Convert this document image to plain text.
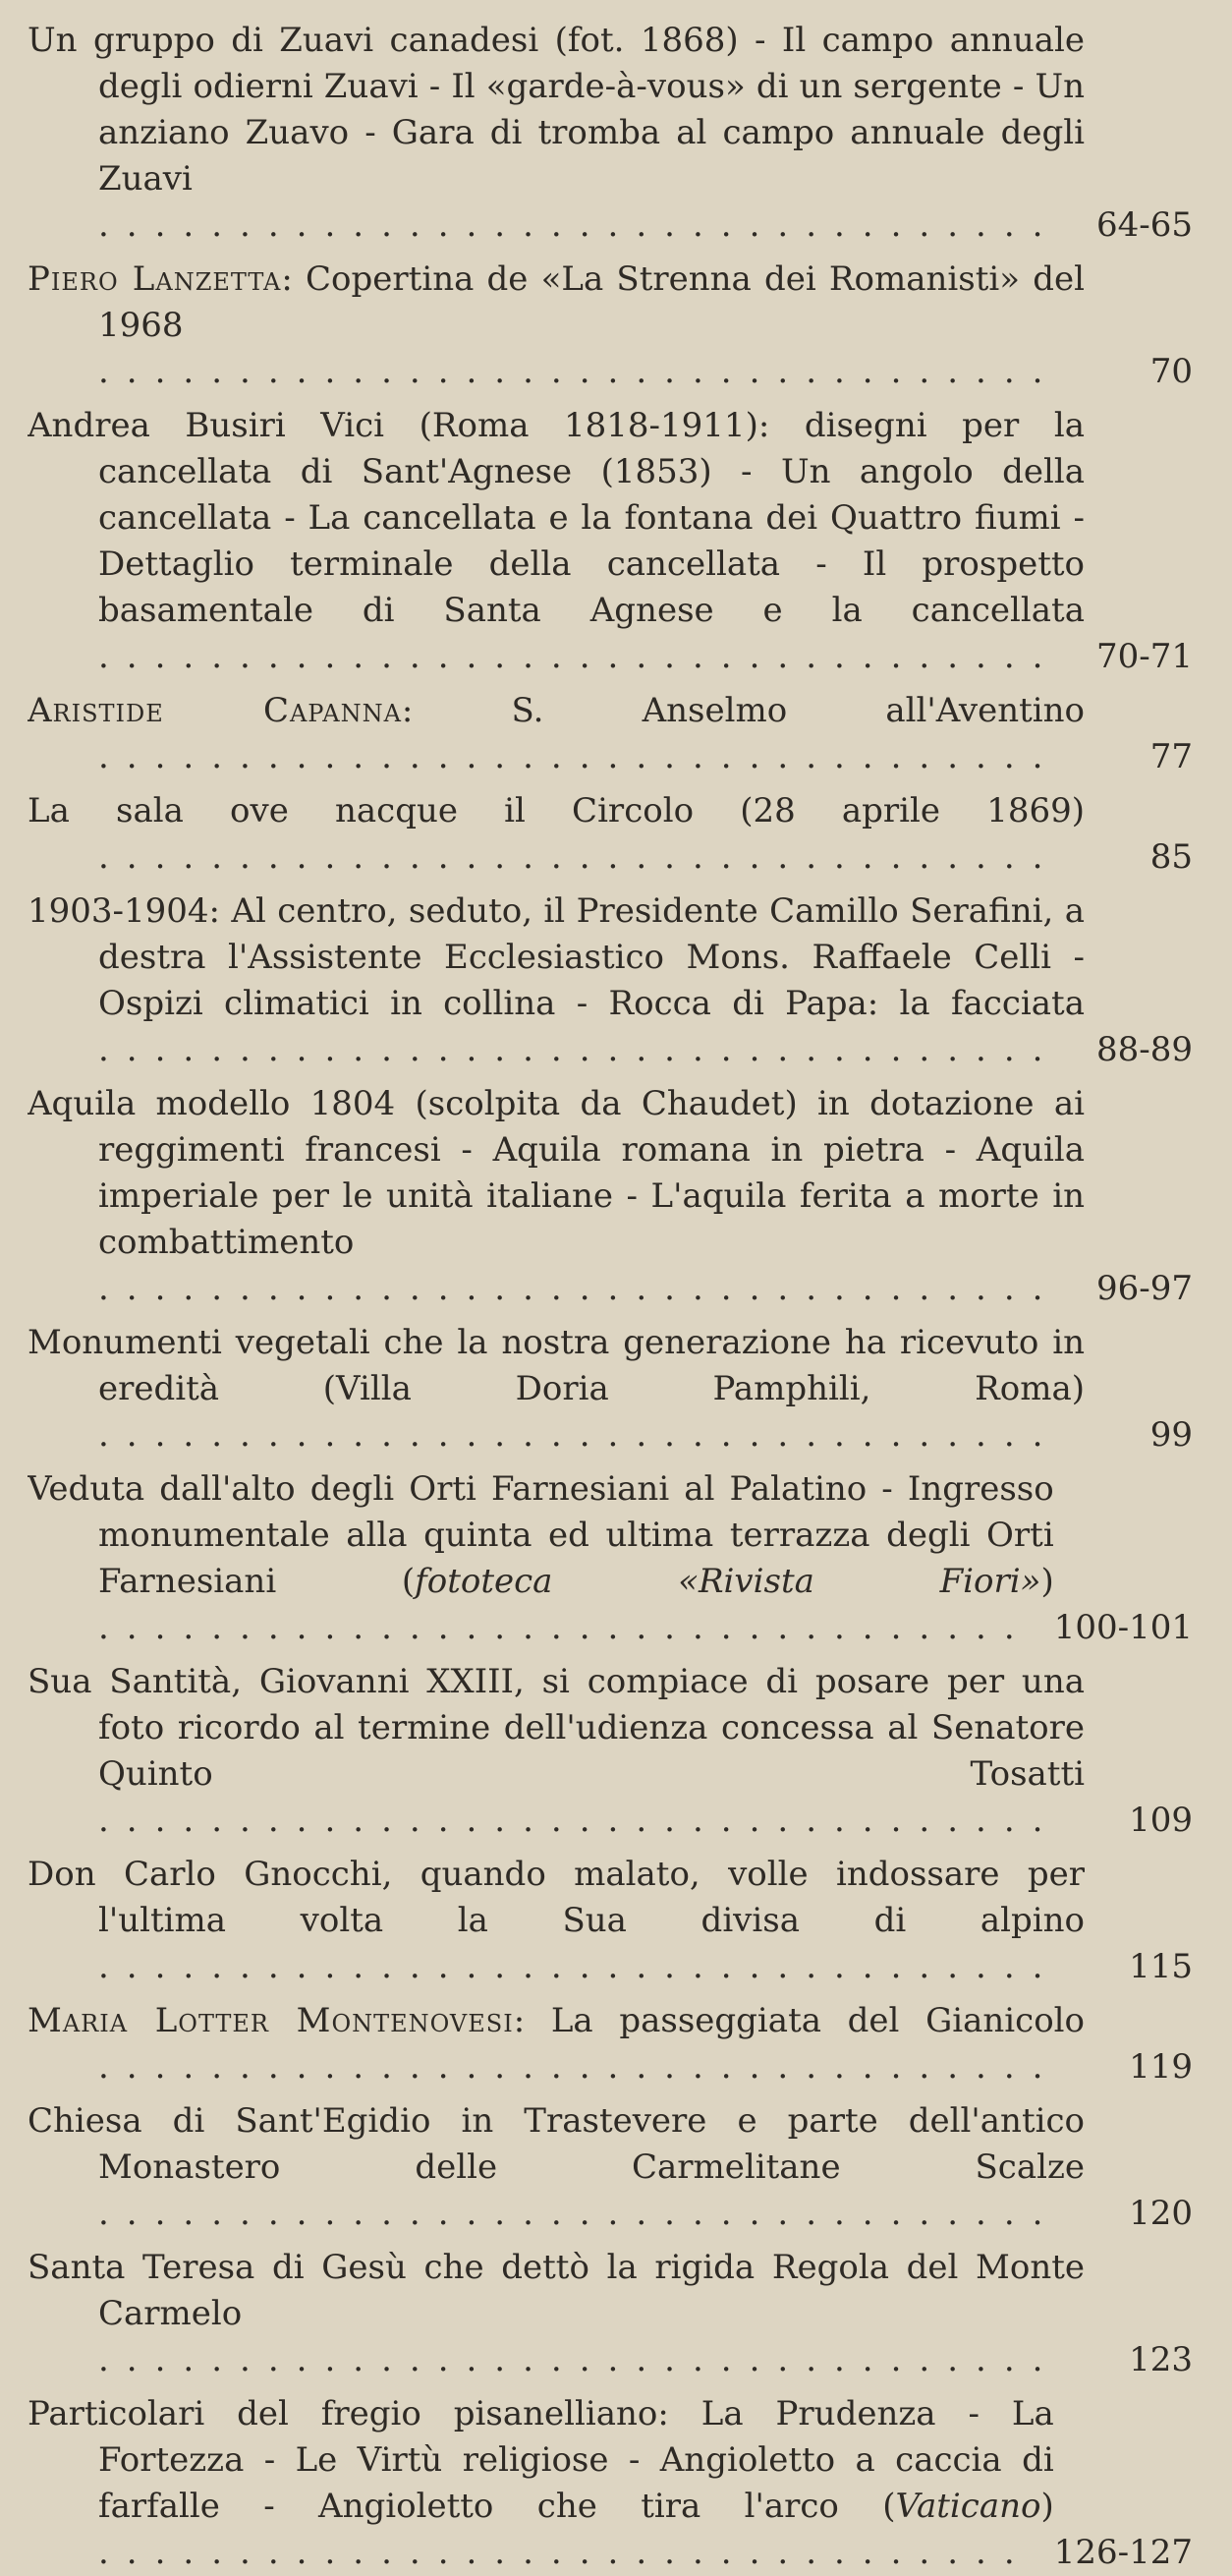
Un gruppo di Zuavi canadesi (fot. 1868) - Il campo annuale degli odierni Zuavi - Il «garde-à-vous» di un sergente - Un anziano Zuavo - Gara di tromba al campo annuale degli Zuavi ..................................	64-65
Piero Lanzetta: Copertina de «La Strenna dei Romanisti» del 1968 ..................................	70
Andrea Busiri Vici (Roma 1818-1911): disegni per la cancellata di Sant'Agnese (1853) - Un angolo della cancellata - La cancellata e la fontana dei Quattro fiumi - Dettaglio terminale della cancellata - Il prospetto basamentale di Santa Agnese e la cancellata ..................................	70-71
Aristide Capanna: S. Anselmo all'Aventino ..................................	77
La sala ove nacque il Circolo (28 aprile 1869) ..................................	85
1903-1904: Al centro, seduto, il Presidente Camillo Serafini, a destra l'Assistente Ecclesiastico Mons. Raffaele Celli - Ospizi climatici in collina - Rocca di Papa: la facciata ..................................	88-89
Aquila modello 1804 (scolpita da Chaudet) in dotazione ai reggimenti francesi - Aquila romana in pietra - Aquila imperiale per le unità italiane - L'aquila ferita a morte in combattimento ..................................	96-97
Monumenti vegetali che la nostra generazione ha ricevuto in eredità (Villa Doria Pamphili, Roma) ..................................	99
Veduta dall'alto degli Orti Farnesiani al Palatino - Ingresso monumentale alla quinta ed ultima terrazza degli Orti Farnesiani (fototeca «Rivista Fiori») ................................. 100-101
Sua Santità, Giovanni XXIII, si compiace di posare per una foto ricordo al termine dell'udienza concessa al Senatore Quinto Tosatti ..................................	109
Don Carlo Gnocchi, quando malato, volle indossare per l'ultima volta la Sua divisa di alpino ..................................	115
Maria Lotter Montenovesi: La passeggiata del Gianicolo ..................................	119
Chiesa di Sant'Egidio in Trastevere e parte dell'antico Monastero delle Carmelitane Scalze ..................................	120
Santa Teresa di Gesù che dettò la rigida Regola del Monte Carmelo ..................................	123
Particolari del fregio pisanelliano: La Prudenza - La Fortezza - Le Virtù religiose - Angioletto a caccia di farfalle - Angioletto che tira l'arco (Vaticano) ................................. 126-127
